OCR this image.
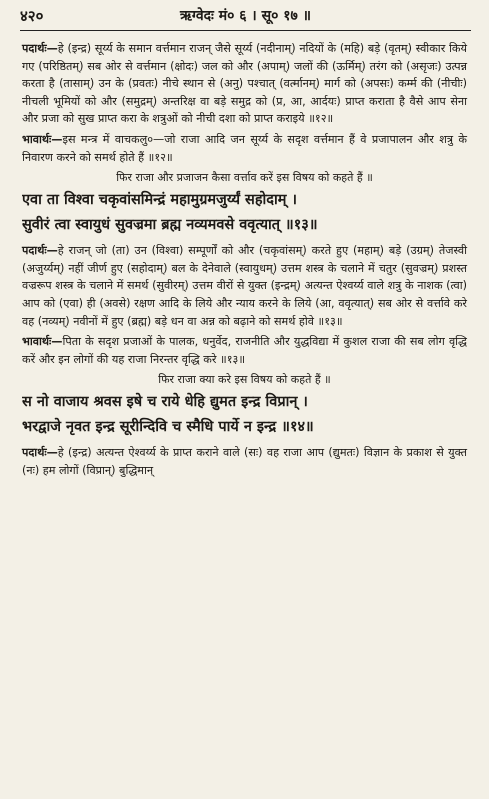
४२०	ऋग्वेदः मं० ६ । सू० १७ ॥

पदार्थः—हे (इन्द्र) सूर्य्य के समान वर्त्तमान राजन् जैसे सूर्य्य (नदीनाम्) नदियों के (महि) बड़े (वृतम्) स्वीकार किये गए (परिष्ठितम्) सब ओर से वर्त्तमान (क्षोदः) जल को और (अपाम्) जलों की (ऊर्मिम्) तरंग को (असृजः) उत्पन्न करता है (तासाम्) उन के (प्रवतः) नीचे स्थान से (अनु) पश्चात् (वर्त्मानम्) मार्ग को (अपसः) कर्म्म की (नीचीः) नीचली भूमियों को और (समुद्रम्) अन्तरिक्ष वा बड़े समुद्र को (प्र, आ, आर्दयः) प्राप्त कराता है वैसे आप सेना और प्रजा को सुख प्राप्त करा के शत्रुओं को नीची दशा को प्राप्त कराइये ॥१२॥

भावार्थः—इस मन्त्र में वाचकलु०—जो राजा आदि जन सूर्य्य के सदृश वर्त्तमान हैं वे प्रजापालन और शत्रु के निवारण करने को समर्थ होते हैं ॥१२॥

फिर राजा और प्रजाजन कैसा वर्त्ताव करें इस विषय को कहते हैं ॥

एवा ता विश्वा चकृवांसमिन्द्रं महामुग्रमजुर्य्यं सहोदाम् ।
सुवीरं त्वा स्वायुधं सुवज्रमा ब्रह्म नव्यमवसे ववृत्यात् ॥१३॥

पदार्थः—हे राजन् जो (ता) उन (विश्वा) सम्पूर्णों को और (चकृवांसम्) करते हुए (महाम्) बड़े (उग्रम्) तेजस्वी (अजुर्य्यम्) नहीं जीर्ण हुए (सहोदाम्) बल के देनेवाले (स्वायुधम्) उत्तम शस्त्र के चलाने में चतुर (सुवज्रम्) प्रशस्त वज्ररूप शस्त्र के चलाने में समर्थ (सुवीरम्) उत्तम वीरों से युक्त (इन्द्रम्) अत्यन्त ऐश्वर्य्य वाले शत्रु के नाशक (त्वा) आप को (एवा) ही (अवसे) रक्षण आदि के लिये और न्याय करने के लिये (आ, ववृत्यात्) सब ओर से वर्त्तावे करे वह (नव्यम्) नवीनों में हुए (ब्रह्म) बड़े धन वा अन्न को बढ़ाने को समर्थ होवे ॥१३॥

भावार्थः—पिता के सदृश प्रजाओं के पालक, धनुर्वेद, राजनीति और युद्धविद्या में कुशल राजा की सब लोग वृद्धि करें और इन लोगों की यह राजा निरन्तर वृद्धि करे ॥१३॥

फिर राजा क्या करे इस विषय को कहते हैं ॥

स नो वाजाय श्रवस इषे च राये धेहि द्युमत इन्द्र विप्रान् ।
भरद्वाजे नृवत इन्द्र सूरीन्दिवि च स्मैधि पार्ये न इन्द्र ॥१४॥

पदार्थः—हे (इन्द्र) अत्यन्त ऐश्वर्य्य के प्राप्त कराने वाले (सः) वह राजा आप (द्युमतः) विज्ञान के प्रकाश से युक्त (नः) हम लोगों (विप्रान्) बुद्धिमान्
